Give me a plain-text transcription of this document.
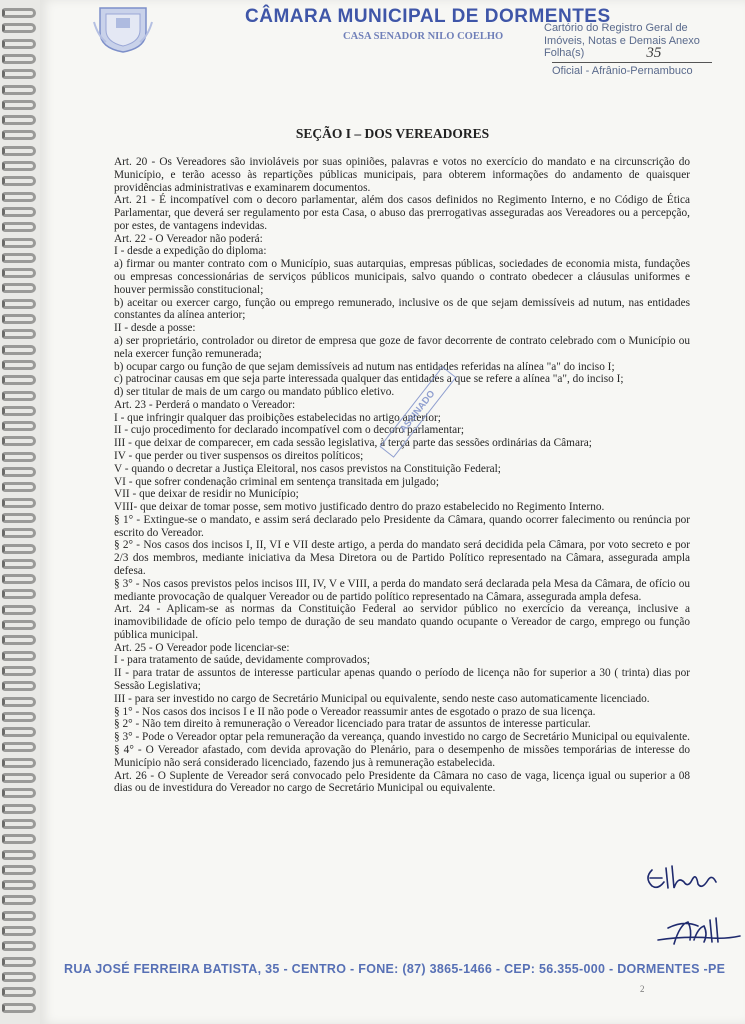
CÂMARA MUNICIPAL DE DORMENTES
CASA SENADOR NILO COELHO
Cartório do Registro Geral de
Imóveis, Notas e Demais Anexo
Folha(s)	35
Oficial - Afrânio-Pernambuco
SEÇÃO I – DOS VEREADORES

Art. 20 - Os Vereadores são invioláveis por suas opiniões, palavras e votos no exercício do mandato e na circunscrição do Município, e terão acesso às repartições públicas municipais, para obterem informações do andamento de quaisquer providências administrativas e examinarem documentos.

Art. 21 - É incompatível com o decoro parlamentar, além dos casos definidos no Regimento Interno, e no Código de Ética Parlamentar, que deverá ser regulamento por esta Casa, o abuso das prerrogativas asseguradas aos Vereadores ou a percepção, por estes, de vantagens indevidas.

Art. 22 - O Vereador não poderá:

I - desde a expedição do diploma:

a) firmar ou manter contrato com o Município, suas autarquias, empresas públicas, sociedades de economia mista, fundações ou empresas concessionárias de serviços públicos municipais, salvo quando o contrato obedecer a cláusulas uniformes e houver permissão constitucional;

b) aceitar ou exercer cargo, função ou emprego remunerado, inclusive os de que sejam demissíveis ad nutum, nas entidades constantes da alínea anterior;

II - desde a posse:

a) ser proprietário, controlador ou diretor de empresa que goze de favor decorrente de contrato celebrado com o Município ou nela exercer função remunerada;

b) ocupar cargo ou função de que sejam demissíveis ad nutum nas entidades referidas na alínea "a" do inciso I;

c) patrocinar causas em que seja parte interessada qualquer das entidades a que se refere a alínea "a", do inciso I;

d) ser titular de mais de um cargo ou mandato público eletivo.

Art. 23 - Perderá o mandato o Vereador:

I - que infringir qualquer das proibições estabelecidas no artigo anterior;

II - cujo procedimento for declarado incompatível com o decoro parlamentar;

III - que deixar de comparecer, em cada sessão legislativa, à terça parte das sessões ordinárias da Câmara;

IV - que perder ou tiver suspensos os direitos políticos;

V - quando o decretar a Justiça Eleitoral, nos casos previstos na Constituição Federal;

VI - que sofrer condenação criminal em sentença transitada em julgado;

VII - que deixar de residir no Município;

VIII- que deixar de tomar posse, sem motivo justificado dentro do prazo estabelecido no Regimento Interno.

§ 1° - Extingue-se o mandato, e assim será declarado pelo Presidente da Câmara, quando ocorrer falecimento ou renúncia por escrito do Vereador.

§ 2° - Nos casos dos incisos I, II, VI e VII deste artigo, a perda do mandato será decidida pela Câmara, por voto secreto e por 2/3 dos membros, mediante iniciativa da Mesa Diretora ou de Partido Político representado na Câmara, assegurada ampla defesa.

§ 3° - Nos casos previstos pelos incisos III, IV, V e VIII, a perda do mandato será declarada pela Mesa da Câmara, de ofício ou mediante provocação de qualquer Vereador ou de partido político representado na Câmara, assegurada ampla defesa.

Art. 24 - Aplicam-se as normas da Constituição Federal ao servidor público no exercício da vereança, inclusive a inamovibilidade de ofício pelo tempo de duração de seu mandato quando ocupante o Vereador de cargo, emprego ou função pública municipal.

Art. 25 - O Vereador pode licenciar-se:

I - para tratamento de saúde, devidamente comprovados;

II - para tratar de assuntos de interesse particular apenas quando o período de licença não for superior a 30 ( trinta) dias por Sessão Legislativa;

III - para ser investido no cargo de Secretário Municipal ou equivalente, sendo neste caso automaticamente licenciado.

§ 1° - Nos casos dos incisos I e II não pode o Vereador reassumir antes de esgotado o prazo de sua licença.

§ 2° - Não tem direito à remuneração o Vereador licenciado para tratar de assuntos de interesse particular.

§ 3° - Pode o Vereador optar pela remuneração da vereança, quando investido no cargo de Secretário Municipal ou equivalente.

§ 4° - O Vereador afastado, com devida aprovação do Plenário, para o desempenho de missões temporárias de interesse do Município não será considerado licenciado, fazendo jus à remuneração estabelecida.

Art. 26 - O Suplente de Vereador será convocado pelo Presidente da Câmara no caso de vaga, licença igual ou superior a 08 dias ou de investidura do Vereador no cargo de Secretário Municipal ou equivalente.

ASSINADO
RUA JOSÉ FERREIRA BATISTA, 35 - CENTRO - FONE: (87) 3865-1466 - CEP: 56.355-000 - DORMENTES -PE
2
